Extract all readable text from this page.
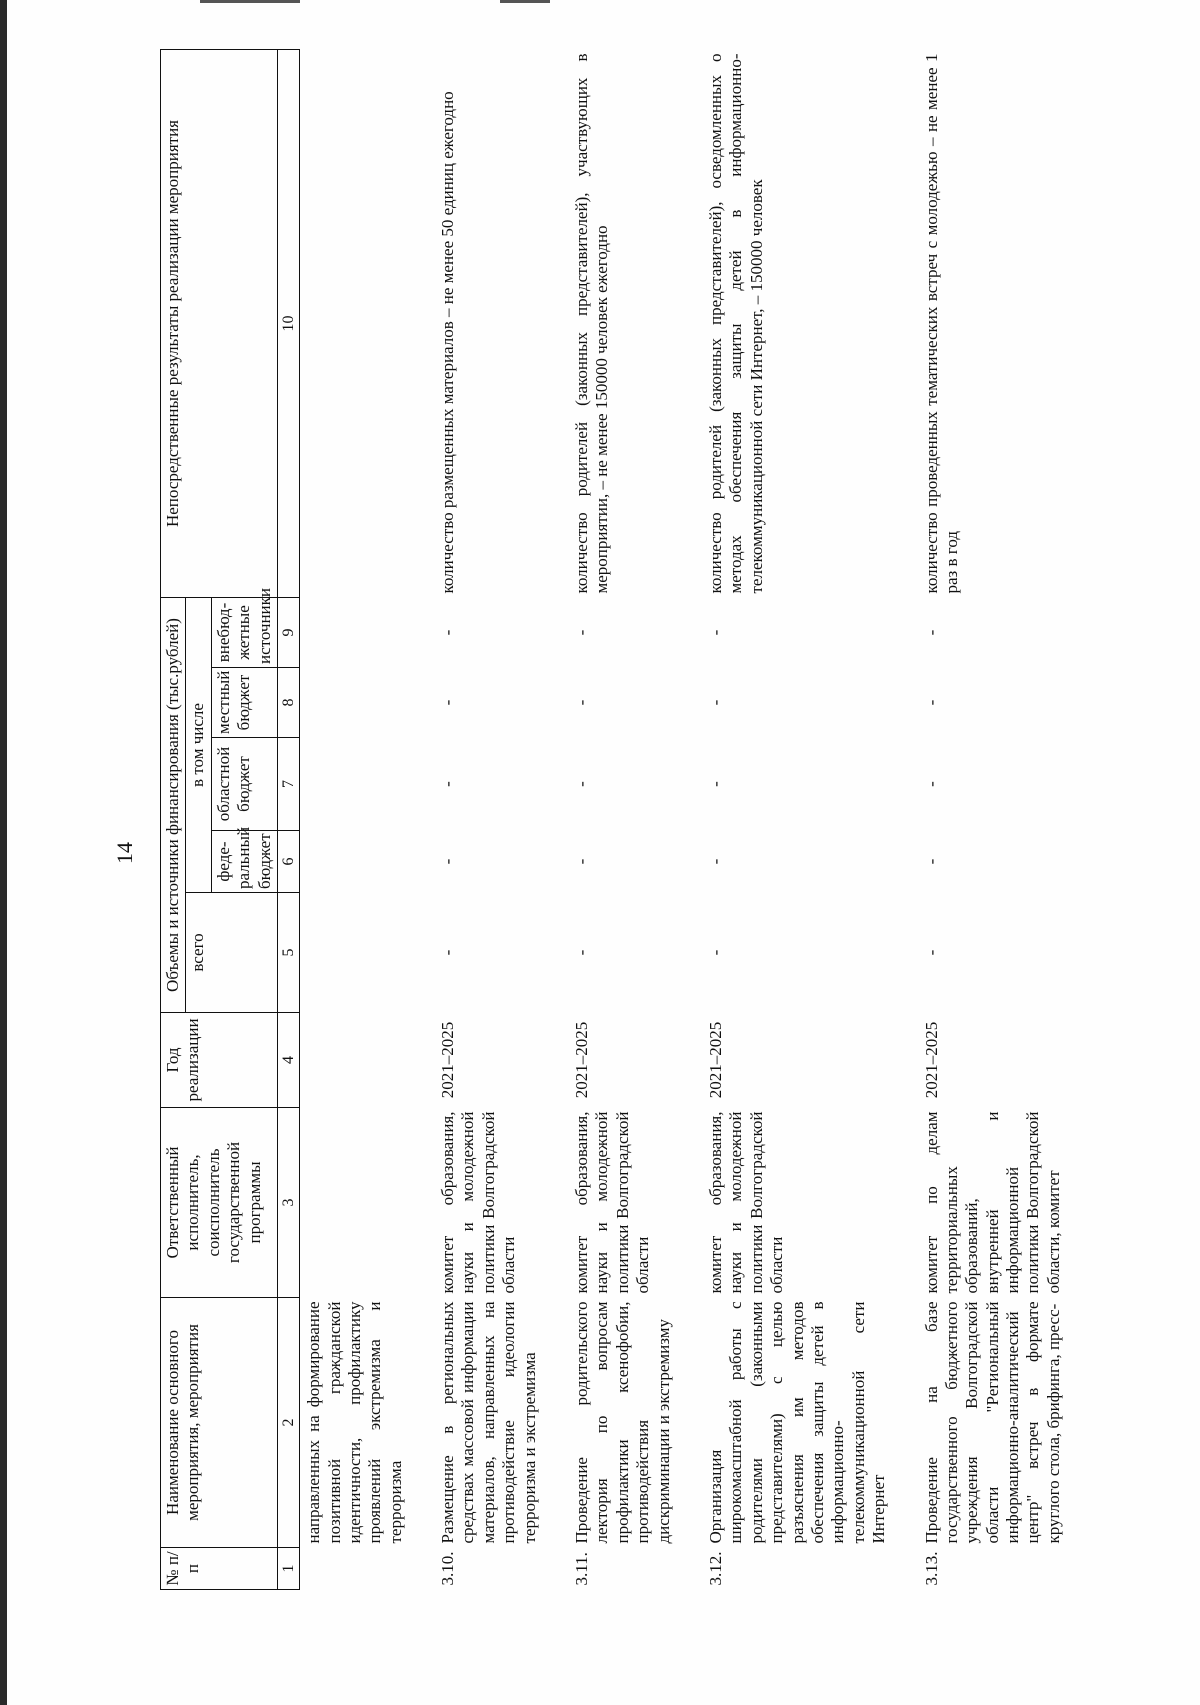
14
№ п/п	Наименование основного мероприятия, мероприятия	Ответственный исполнитель, соисполнитель государственной программы	Год реализации	Объемы и источники финансирования (тыс.рублей)					Непосредственные результаты реализации мероприятия
				всего	в том числе				
					феде-ральный бюджет	областной бюджет	местный бюджет	внебюд-жетные источники	
1	2	3	4	5	6	7	8	9	10
	направленных на формирование позитивной гражданской идентичности, профилактику проявлений экстремизма и терроризма								
3.10.	Размещение в региональных средствах массовой информации материалов, направленных на противодействие идеологии терроризма и экстремизма	комитет образования, науки и молодежной политики Волгоградской области	2021–2025	-	-	-	-	-	количество размещенных материалов – не менее 50 единиц ежегодно
3.11.	Проведение родительского лектория по вопросам профилактики ксенофобии, противодействия дискриминации и экстремизму	комитет образования, науки и молодежной политики Волгоградской области	2021–2025	-	-	-	-	-	количество родителей (законных представителей), участвующих в мероприятии, – не менее 150000 человек ежегодно
3.12.	Организация широкомасштабной работы с родителями (законными представителями) с целью разъяснения им методов обеспечения защиты детей в информационно-телекоммуникационной сети Интернет	комитет образования, науки и молодежной политики Волгоградской области	2021–2025	-	-	-	-	-	количество родителей (законных представителей), осведомленных о методах обеспечения защиты детей в информационно-телекоммуникационной сети Интернет, – 150000 человек
3.13.	Проведение на базе государственного бюджетного учреждения Волгоградской области "Региональный информационно-аналитический центр" встреч в формате круглого стола, брифинга, пресс-	комитет по делам территориальных образований, внутренней и информационной политики Волгоградской области, комитет	2021–2025	-	-	-	-	-	количество проведенных тематических встреч с молодежью – не менее 1 раз в год
